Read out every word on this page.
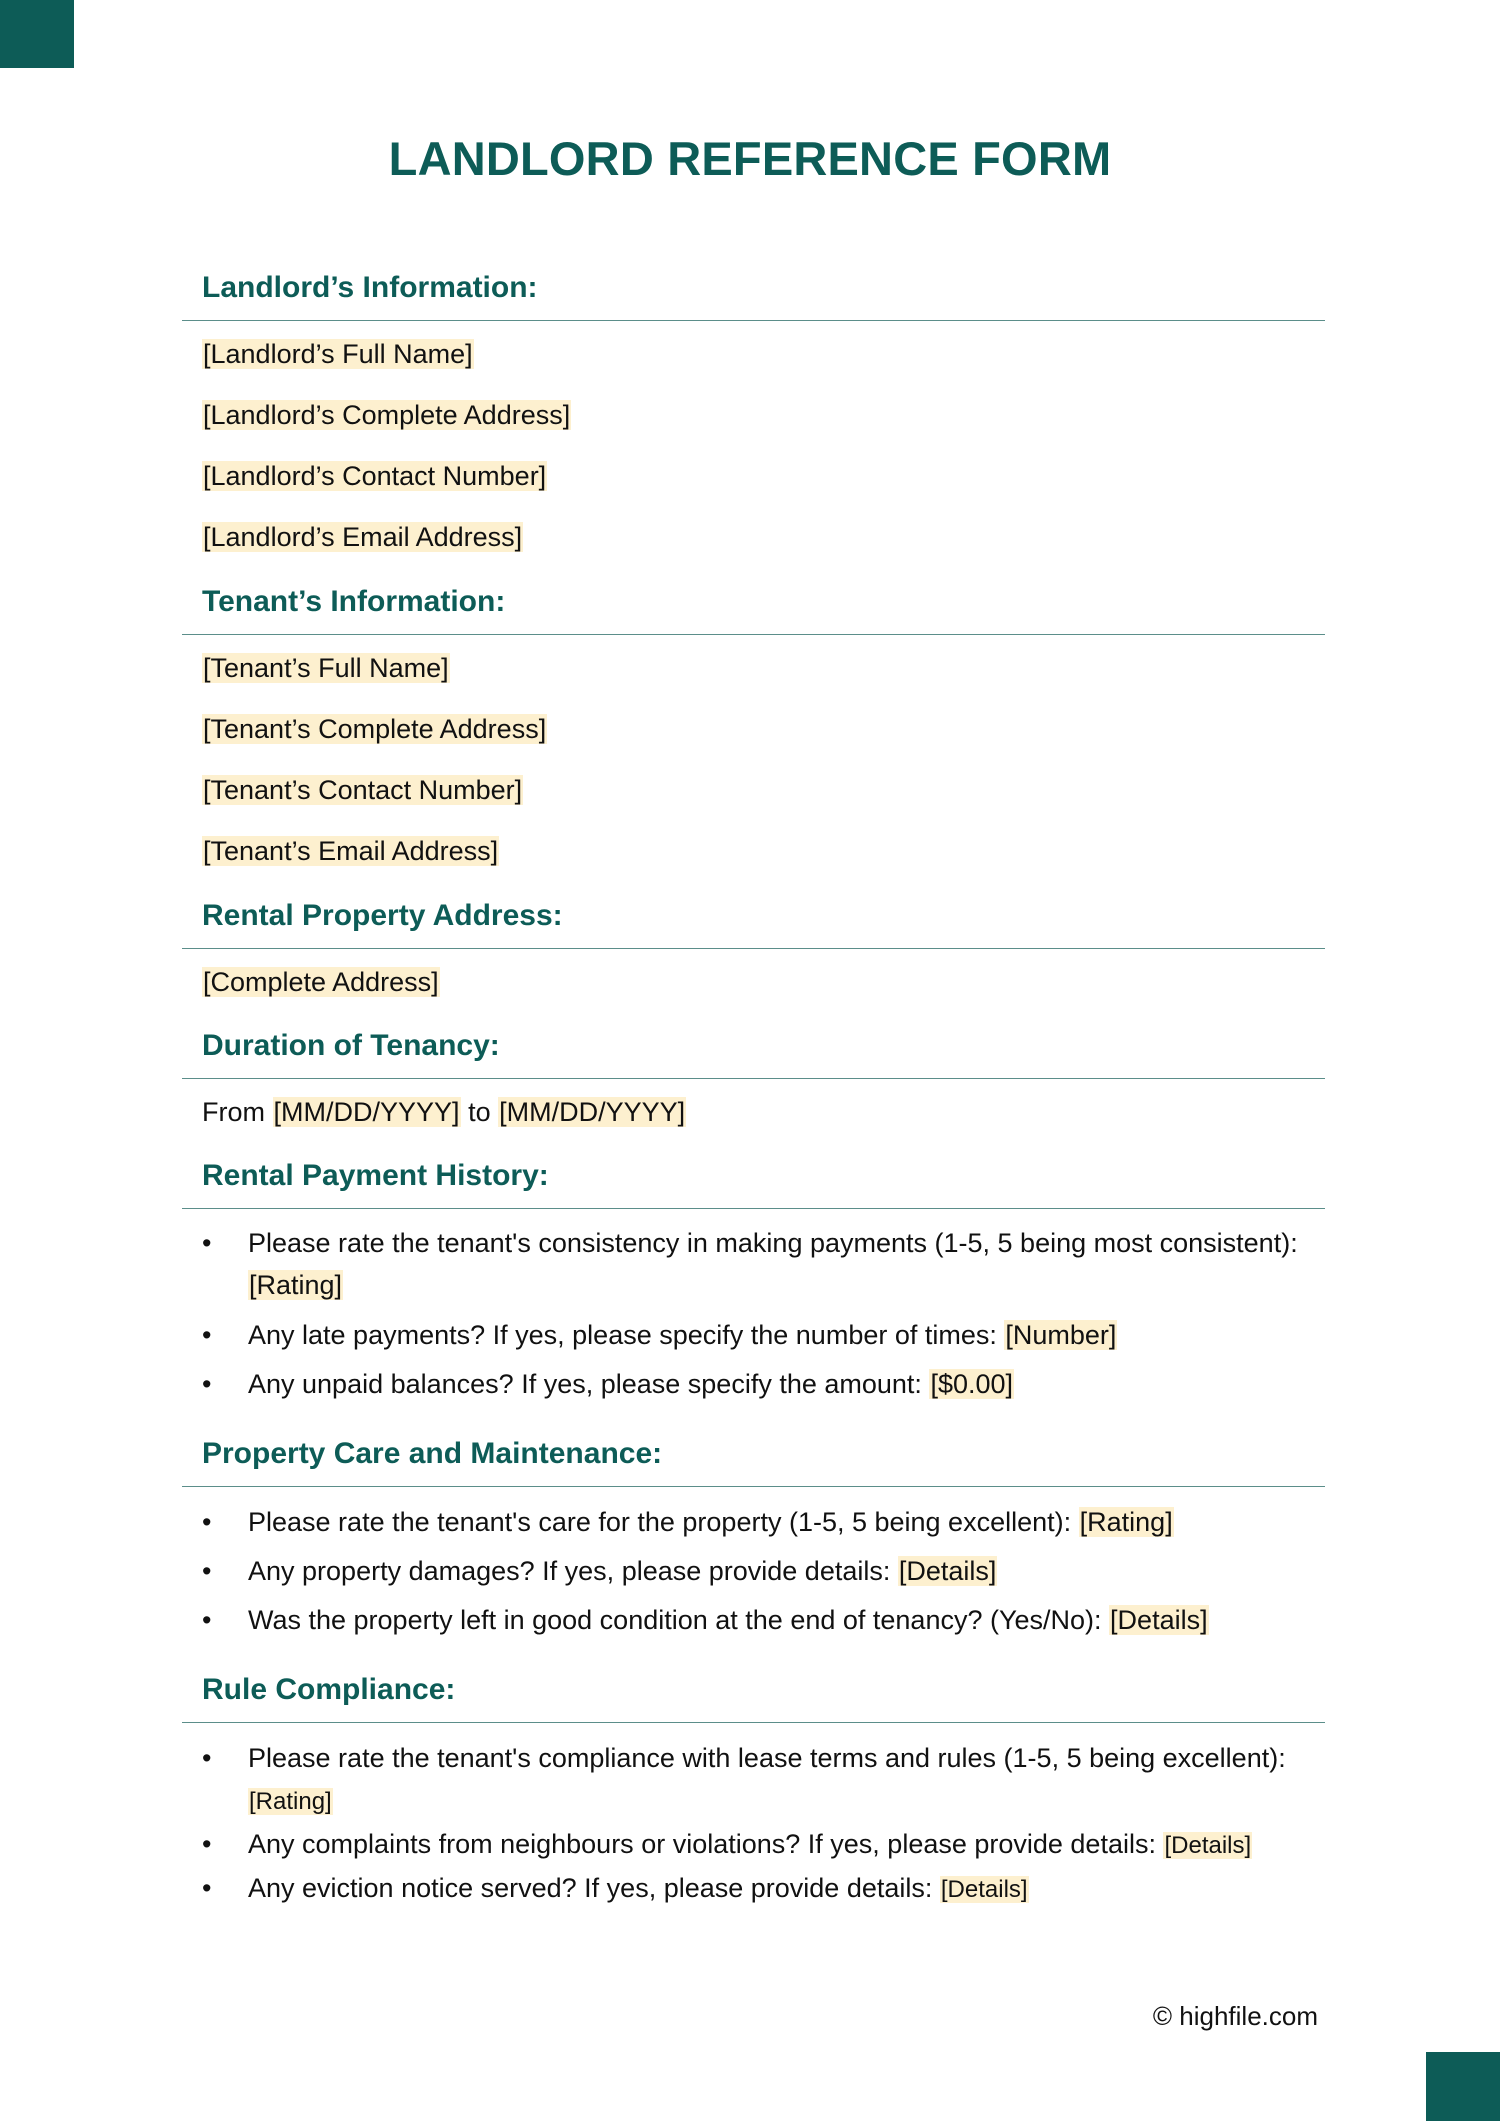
LANDLORD REFERENCE FORM
Landlord’s Information:
[Landlord’s Full Name]
[Landlord’s Complete Address]
[Landlord’s Contact Number]
[Landlord’s Email Address]
Tenant’s Information:
[Tenant’s Full Name]
[Tenant’s Complete Address]
[Tenant’s Contact Number]
[Tenant’s Email Address]
Rental Property Address:
[Complete Address]
Duration of Tenancy:
From [MM/DD/YYYY] to [MM/DD/YYYY]
Rental Payment History:
•	Please rate the tenant's consistency in making payments (1-5, 5 being most consistent): [Rating]
•	Any late payments? If yes, please specify the number of times: [Number]
•	Any unpaid balances? If yes, please specify the amount: [$0.00]
Property Care and Maintenance:
•	Please rate the tenant's care for the property (1-5, 5 being excellent): [Rating]
•	Any property damages? If yes, please provide details: [Details]
•	Was the property left in good condition at the end of tenancy? (Yes/No): [Details]
Rule Compliance:
•	Please rate the tenant's compliance with lease terms and rules (1-5, 5 being excellent): [Rating]
•	Any complaints from neighbours or violations? If yes, please provide details: [Details]
•	Any eviction notice served? If yes, please provide details: [Details]
© highfile.com
